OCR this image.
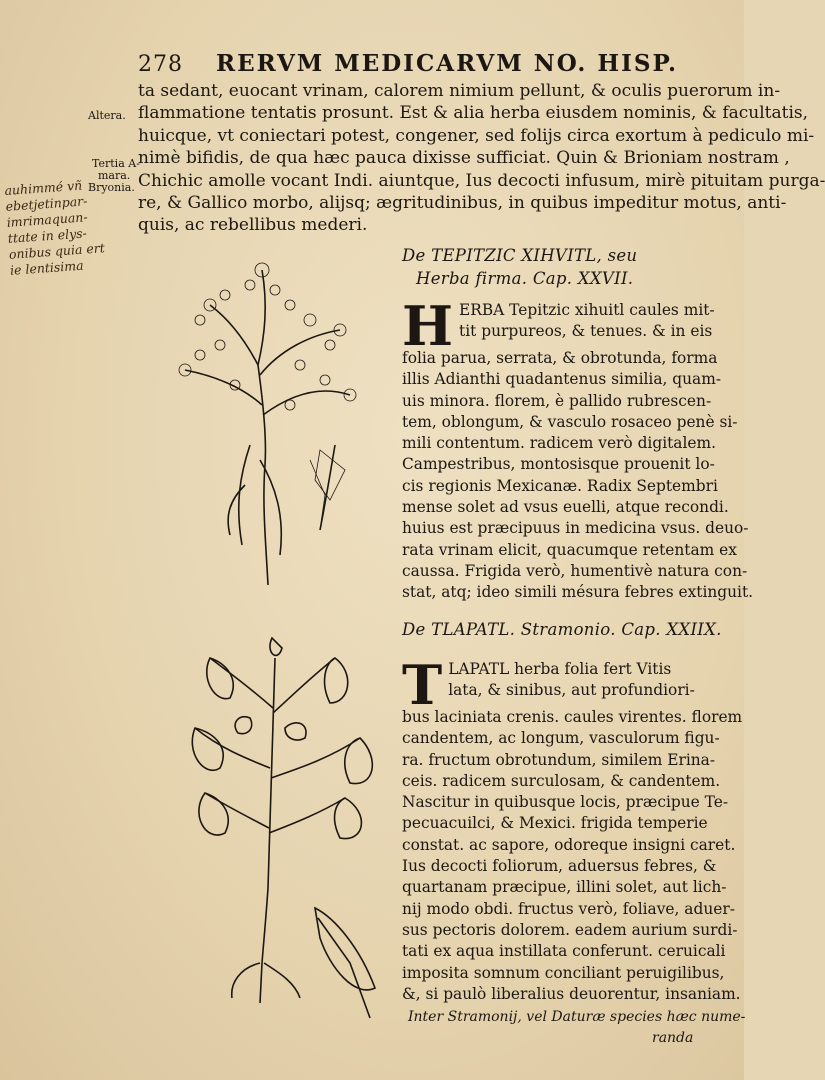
278 RERVM MEDICARVM NO. HISP.
Altera.
Tertia A-
mara.
Bryonia.
auhimmé vñ
ebetjetinpar-
imrimaquan-
ttate in elys-
onibus quia ert
ie lentisima
ta sedant, euocant vrinam, calorem nimium pellunt, & oculis puerorum in-
flammatione tentatis prosunt. Est & alia herba eiusdem nominis, & facultatis,
huicque, vt coniectari potest, congener, sed folijs circa exortum à pediculo mi-
nimè bifidis, de qua hæc pauca dixisse sufficiat. Quin & Brioniam nostram ,
Chichic amolle vocant Indi. aiuntque, Ius decocti infusum, mirè pituitam purga-
re, & Gallico morbo, alijsq; ægritudinibus, in quibus impeditur motus, anti-
quis, ac rebellibus mederi.
De TEPITZIC XIHVITL, seu
Herba firma. Cap. XXVII.
H ERBA Tepitzic xihuitl caules mit-
tit purpureos, & tenues. & in eis
folia parua, serrata, & obrotunda, forma
illis Adianthi quadantenus similia, quam-
uis minora. florem, è pallido rubrescen-
tem, oblongum, & vasculo rosaceo penè si-
mili contentum. radicem verò digitalem.
Campestribus, montosisque prouenit lo-
cis regionis Mexicanæ. Radix Septembri
mense solet ad vsus euelli, atque recondi.
huius est præcipuus in medicina vsus. deuo-
rata vrinam elicit, quacumque retentam ex
caussa. Frigida verò, humentivè natura con-
stat, atq; ideo simili mésura febres extinguit.
De TLAPATL. Stramonio. Cap. XXIIX.
T LAPATL herba folia fert Vitis
lata, & sinibus, aut profundiori-
bus laciniata crenis. caules virentes. florem
candentem, ac longum, vasculorum figu-
ra. fructum obrotundum, similem Erina-
ceis. radicem surculosam, & candentem.
Nascitur in quibusque locis, præcipue Te-
pecuacuilci, & Mexici. frigida temperie
constat. ac sapore, odoreque insigni caret.
Ius decocti foliorum, aduersus febres, &
quartanam præcipue, illini solet, aut lich-
nij modo obdi. fructus verò, foliave, aduer-
sus pectoris dolorem. eadem aurium surdi-
tati ex aqua instillata conferunt. ceruicali
imposita somnum conciliant peruigilibus,
&, si paulò liberalius deuorentur, insaniam.
Inter Stramonij, vel Daturæ species hæc nume-
randa
